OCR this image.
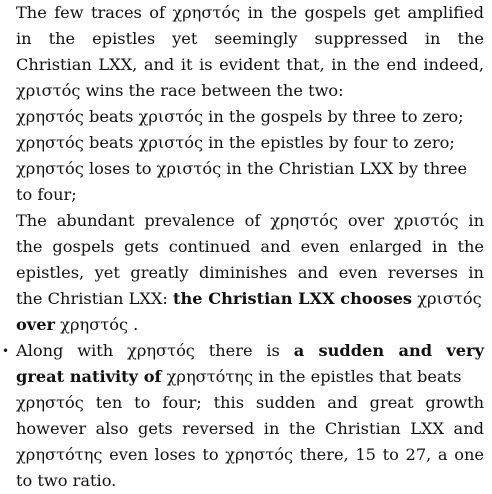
The few traces of χρηστός in the gospels get amplified
in the epistles yet seemingly suppressed in the
Christian LXX, and it is evident that, in the end indeed,
χριστός wins the race between the two:
χρηστός beats χριστός in the gospels by three to zero;
χρηστός beats χριστός in the epistles by four to zero;
χρηστός loses to χριστός in the Christian LXX by three
to four;
The abundant prevalence of χρηστός over χριστός in
the gospels gets continued and even enlarged in the
epistles, yet greatly diminishes and even reverses in
the Christian LXX: the Christian LXX chooses χριστός
over χρηστός .
• Along with χρηστός there is a sudden and very
great nativity of χρηστότης in the epistles that beats
χρηστός ten to four; this sudden and great growth
however also gets reversed in the Christian LXX and
χρηστότης even loses to χρηστός there, 15 to 27, a one
to two ratio.
